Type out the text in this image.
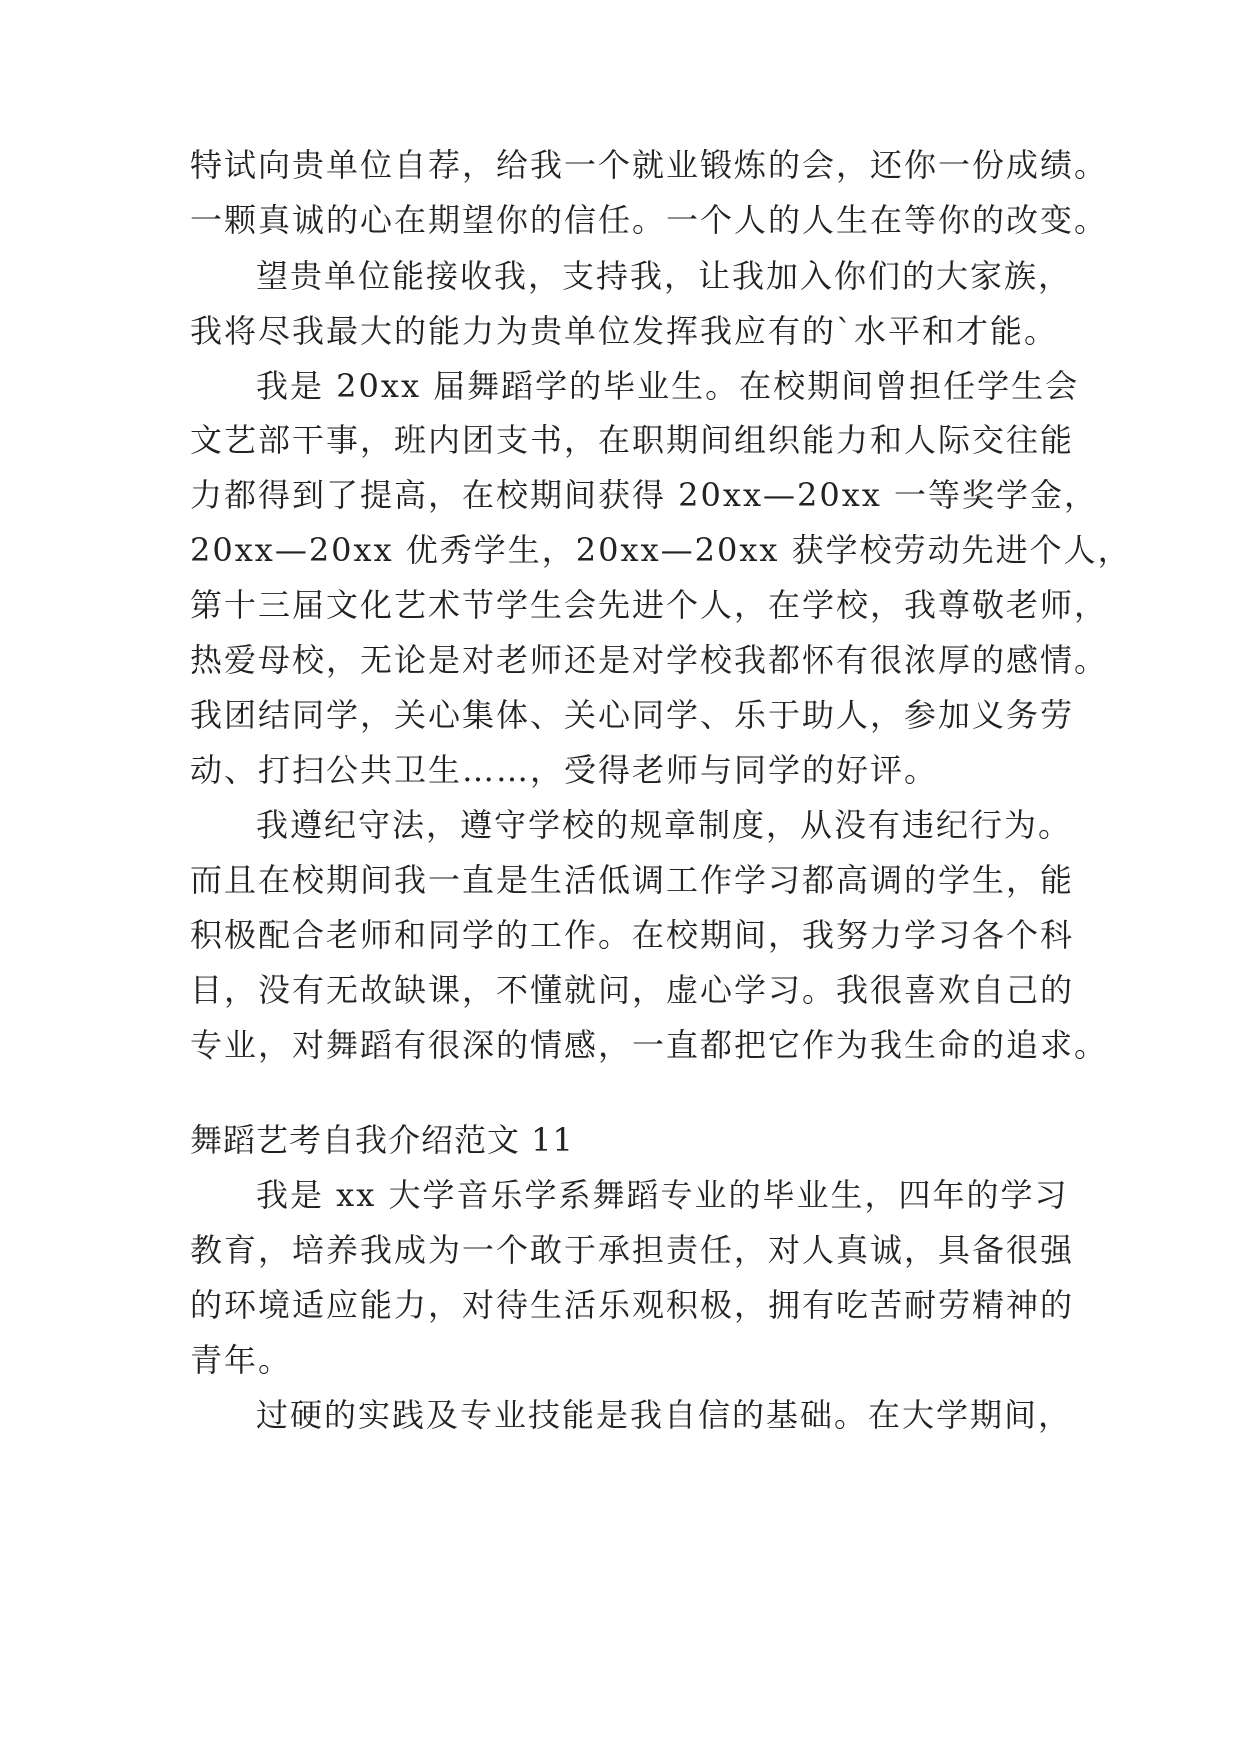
特试向贵单位自荐，给我一个就业锻炼的会，还你一份成绩。
一颗真诚的心在期望你的信任。一个人的人生在等你的改变。
望贵单位能接收我，支持我，让我加入你们的大家族，
我将尽我最大的能力为贵单位发挥我应有的`水平和才能。
我是 20xx 届舞蹈学的毕业生。在校期间曾担任学生会
文艺部干事，班内团支书，在职期间组织能力和人际交往能
力都得到了提高，在校期间获得 20xx—20xx 一等奖学金，
20xx—20xx 优秀学生，20xx—20xx 获学校劳动先进个人，
第十三届文化艺术节学生会先进个人，在学校，我尊敬老师，
热爱母校，无论是对老师还是对学校我都怀有很浓厚的感情。
我团结同学，关心集体、关心同学、乐于助人，参加义务劳
动、打扫公共卫生……，受得老师与同学的好评。
我遵纪守法，遵守学校的规章制度，从没有违纪行为。
而且在校期间我一直是生活低调工作学习都高调的学生，能
积极配合老师和同学的工作。在校期间，我努力学习各个科
目，没有无故缺课，不懂就问，虚心学习。我很喜欢自己的
专业，对舞蹈有很深的情感，一直都把它作为我生命的追求。
舞蹈艺考自我介绍范文 11
我是 xx 大学音乐学系舞蹈专业的毕业生，四年的学习
教育，培养我成为一个敢于承担责任，对人真诚，具备很强
的环境适应能力，对待生活乐观积极，拥有吃苦耐劳精神的
青年。
过硬的实践及专业技能是我自信的基础。在大学期间，
